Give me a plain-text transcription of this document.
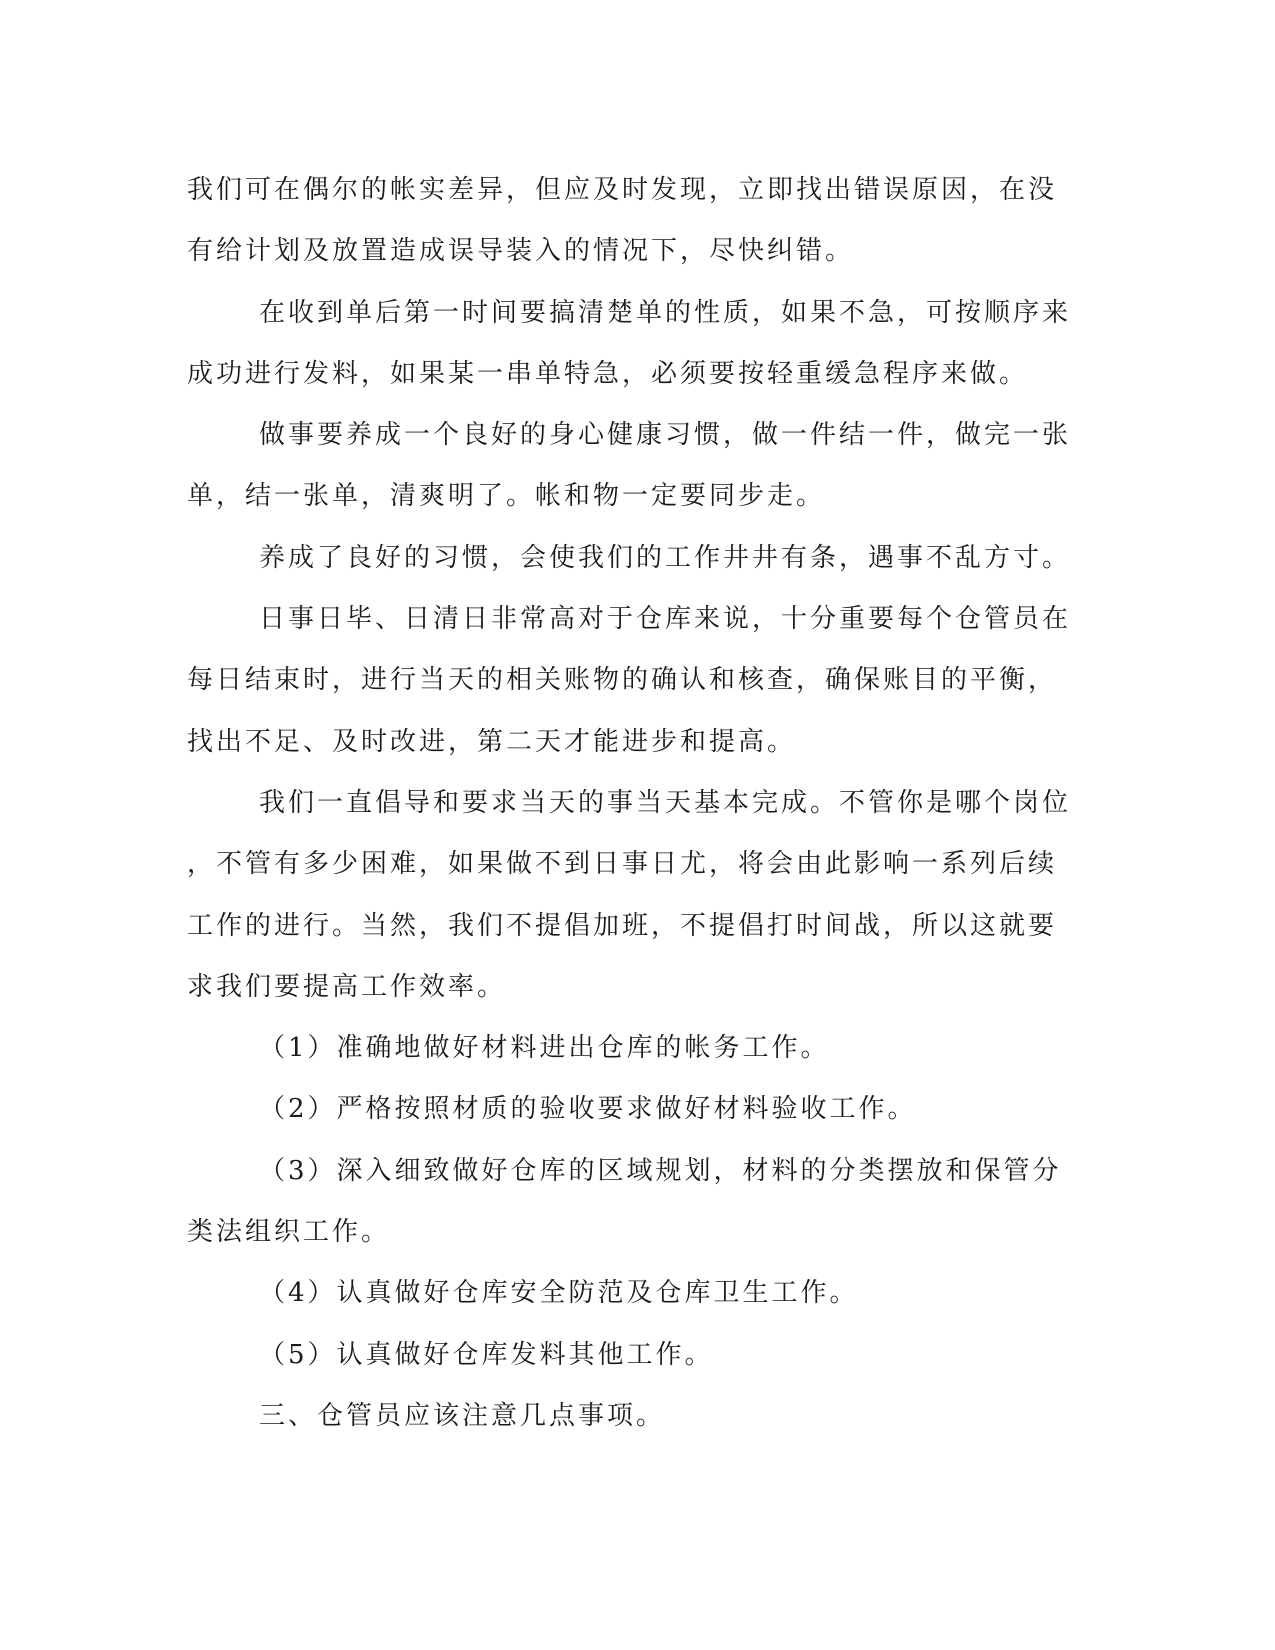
我们可在偶尔的帐实差异，但应及时发现，立即找出错误原因，在没
有给计划及放置造成误导装入的情况下，尽快纠错。
在收到单后第一时间要搞清楚单的性质，如果不急，可按顺序来
成功进行发料，如果某一串单特急，必须要按轻重缓急程序来做。
做事要养成一个良好的身心健康习惯，做一件结一件，做完一张
单，结一张单，清爽明了。帐和物一定要同步走。
养成了良好的习惯，会使我们的工作井井有条，遇事不乱方寸。
日事日毕、日清日非常高对于仓库来说，十分重要每个仓管员在
每日结束时，进行当天的相关账物的确认和核查，确保账目的平衡，
找出不足、及时改进，第二天才能进步和提高。
我们一直倡导和要求当天的事当天基本完成。不管你是哪个岗位
，不管有多少困难，如果做不到日事日尤，将会由此影响一系列后续
工作的进行。当然，我们不提倡加班，不提倡打时间战，所以这就要
求我们要提高工作效率。
（1）准确地做好材料进出仓库的帐务工作。
（2）严格按照材质的验收要求做好材料验收工作。
（3）深入细致做好仓库的区域规划，材料的分类摆放和保管分
类法组织工作。
（4）认真做好仓库安全防范及仓库卫生工作。
（5）认真做好仓库发料其他工作。
三、仓管员应该注意几点事项。
